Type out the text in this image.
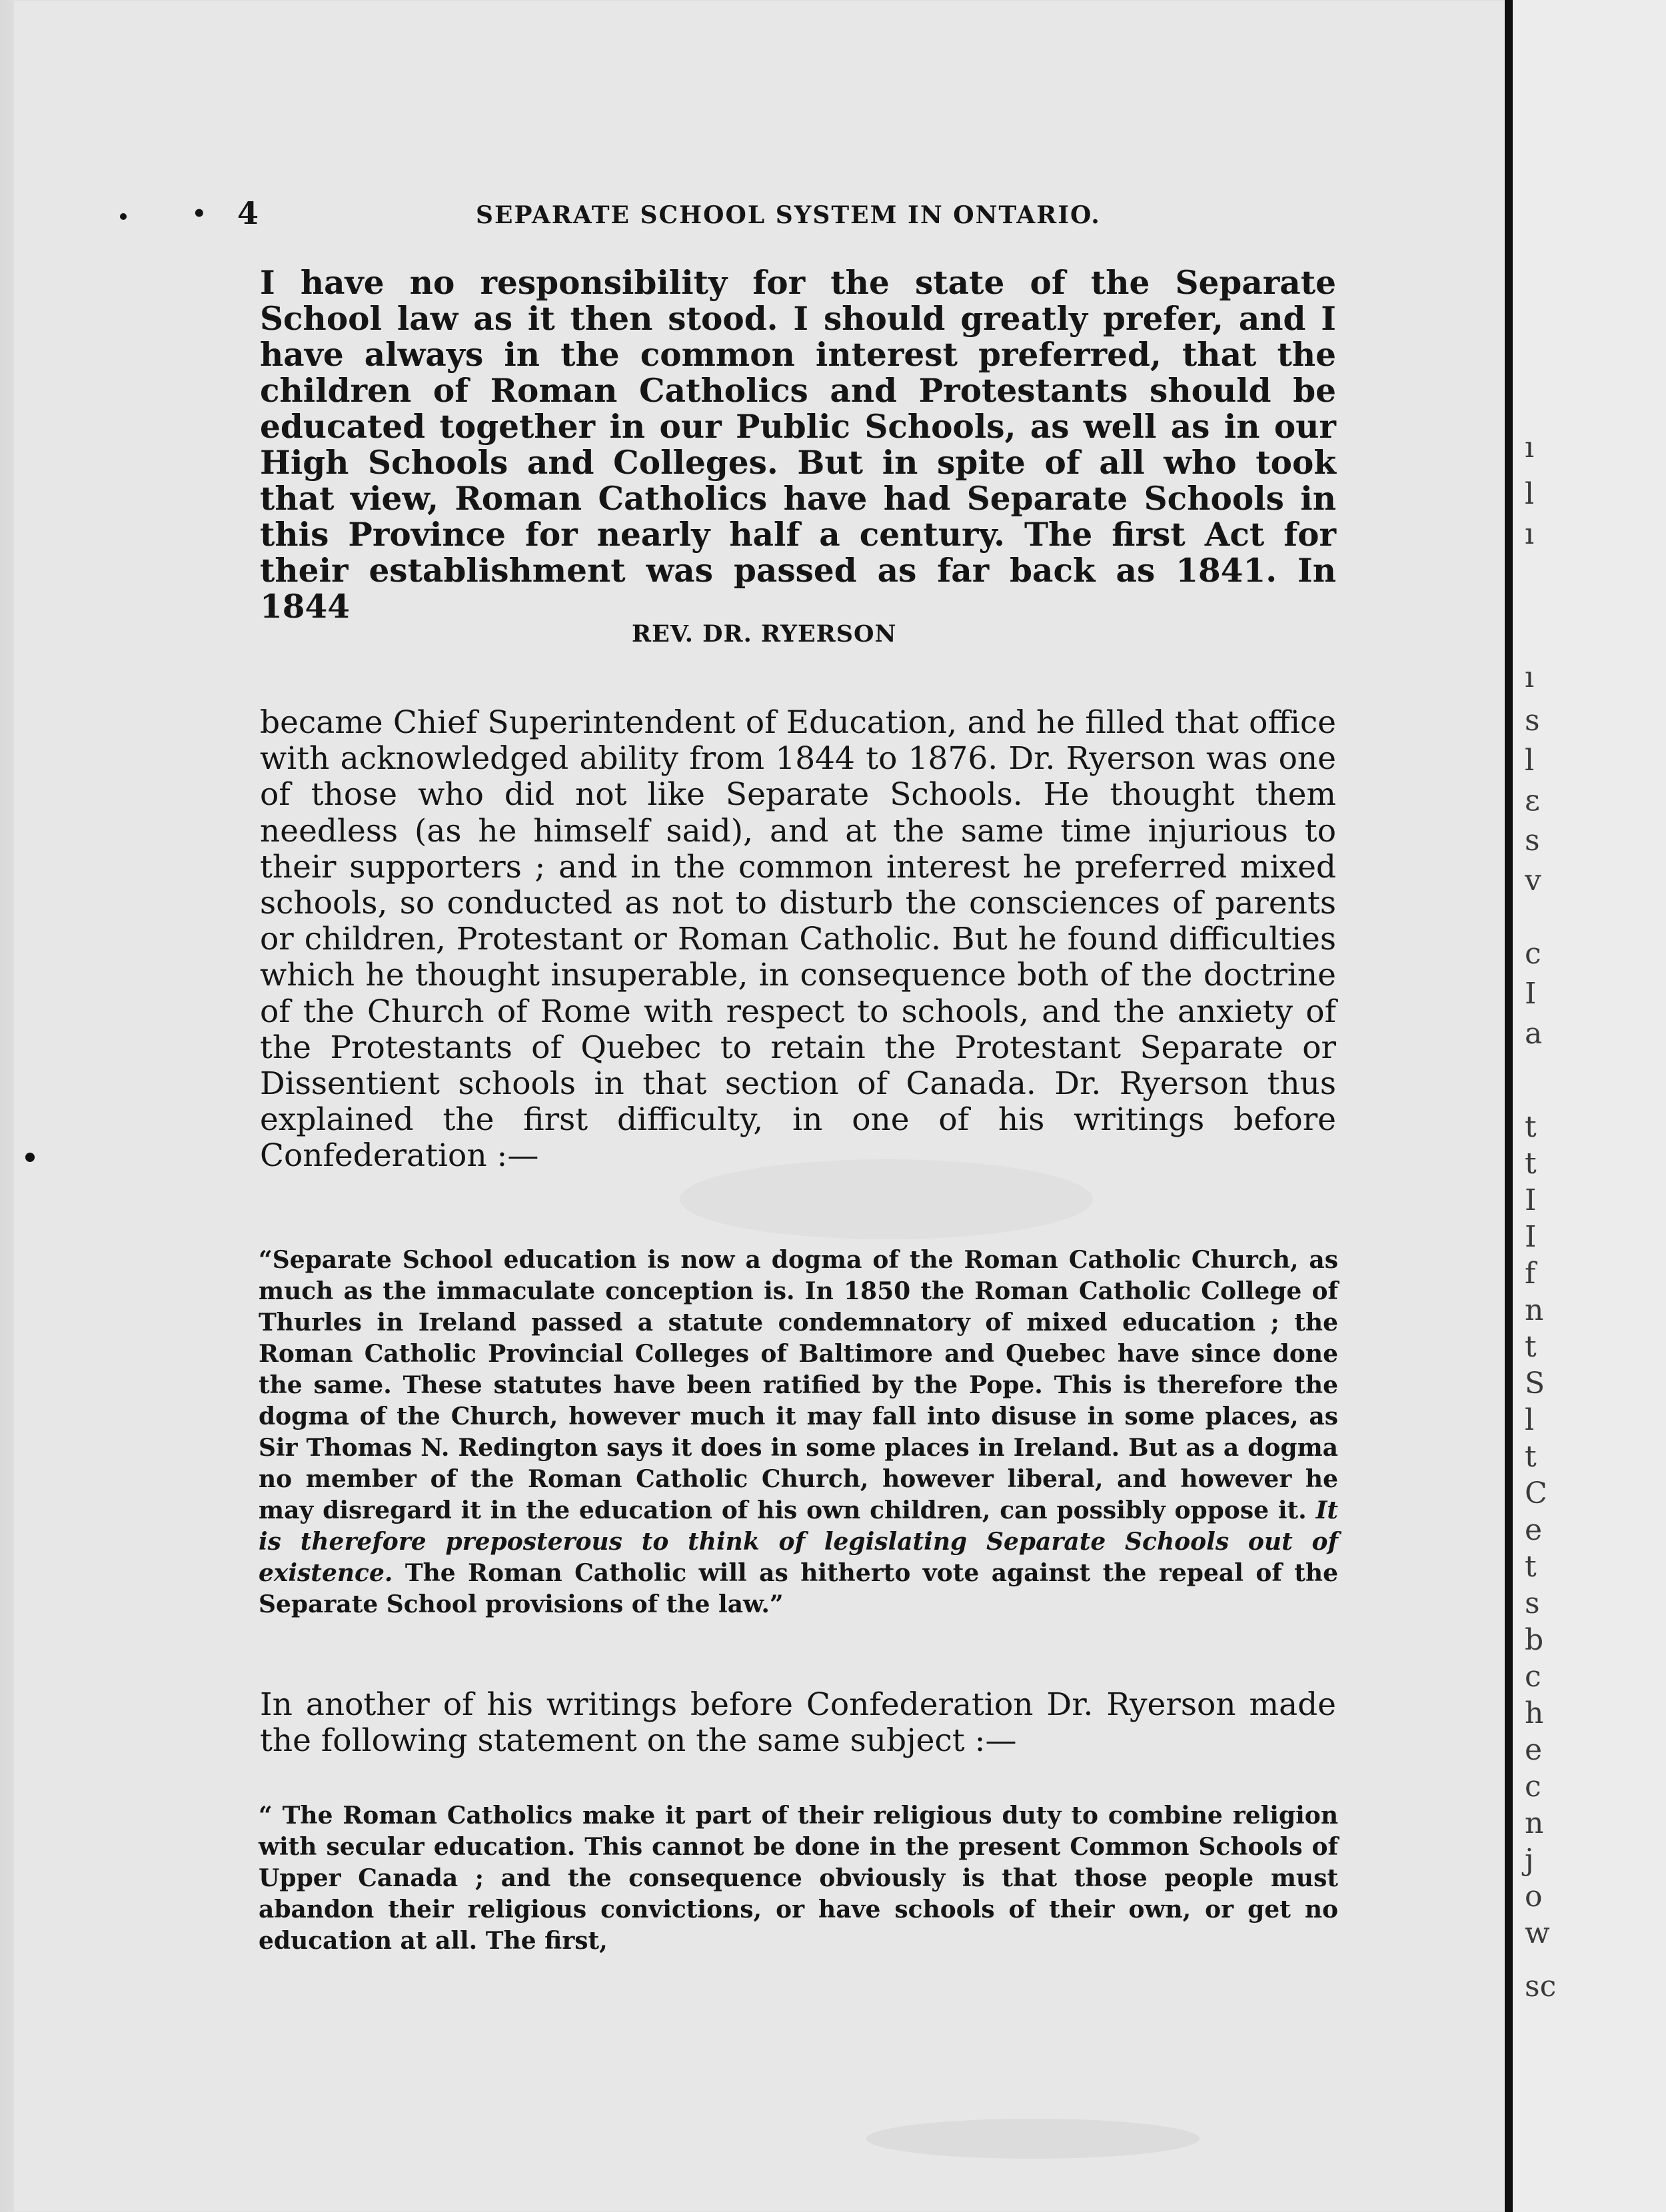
• 4	SEPARATE SCHOOL SYSTEM IN ONTARIO.
I have no responsibility for the state of the Separate School law as it then stood. I should greatly prefer, and I have always in the common interest preferred, that the children of Roman Catholics and Protestants should be educated together in our Public Schools, as well as in our High Schools and Colleges. But in spite of all who took that view, Roman Catholics have had Separate Schools in this Province for nearly half a century. The first Act for their establishment was passed as far back as 1841. In 1844
REV. DR. RYERSON
became Chief Superintendent of Education, and he filled that office with acknowledged ability from 1844 to 1876. Dr. Ryerson was one of those who did not like Separate Schools. He thought them needless (as he himself said), and at the same time injurious to their supporters ; and in the common interest he preferred mixed schools, so conducted as not to disturb the consciences of parents or children, Protestant or Roman Catholic. But he found difficulties which he thought insuperable, in consequence both of the doctrine of the Church of Rome with respect to schools, and the anxiety of the Protestants of Quebec to retain the Protestant Separate or Dissentient schools in that section of Canada. Dr. Ryerson thus explained the first difficulty, in one of his writings before Confederation :—
“Separate School education is now a dogma of the Roman Catholic Church, as much as the immaculate conception is. In 1850 the Roman Catholic College of Thurles in Ireland passed a statute condemnatory of mixed education ; the Roman Catholic Provincial Colleges of Baltimore and Quebec have since done the same. These statutes have been ratified by the Pope. This is therefore the dogma of the Church, however much it may fall into disuse in some places, as Sir Thomas N. Redington says it does in some places in Ireland. But as a dogma no member of the Roman Catholic Church, however liberal, and however he may disregard it in the education of his own children, can possibly oppose it. It is therefore preposterous to think of legislating Separate Schools out of existence. The Roman Catholic will as hitherto vote against the repeal of the Separate School provisions of the law.”
In another of his writings before Confederation Dr. Ryerson made the following statement on the same subject :—
“ The Roman Catholics make it part of their religious duty to combine religion with secular education. This cannot be done in the present Common Schools of Upper Canada ; and the consequence obviously is that those people must abandon their religious convictions, or have schools of their own, or get no education at all. The first,
ı
l
ı
ı
s
l
ε
s
v
c
I
a
t
t
I
I
f
n
t
S
l
t
C
e
t
s
b
c
h
e
c
n
j
o
w
sc
